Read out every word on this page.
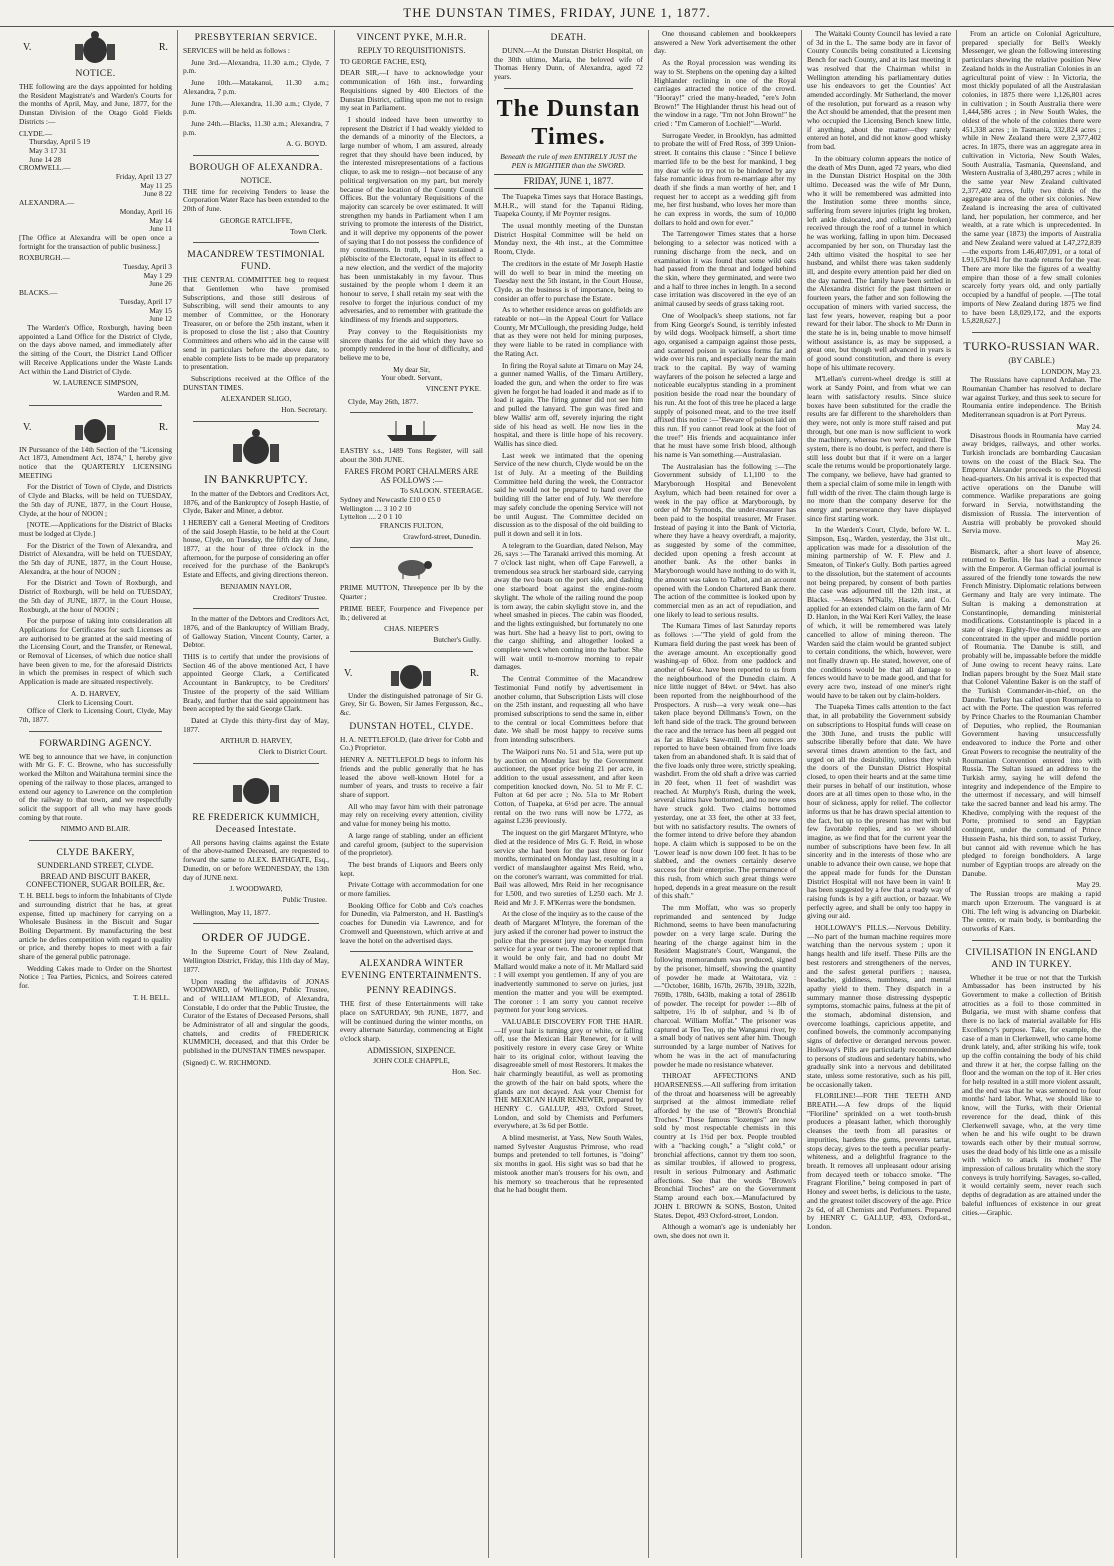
THE DUNSTAN TIMES, FRIDAY, JUNE 1, 1877.
V.	R.
NOTICE.

THE following are the days appointed for holding the Resident Magistrate's and Warden's Courts for the months of April, May, and June, 1877, for the Dunstan Division of the Otago Gold Fields Districts :—

CLYDE.—
Thursday, April 5 19
May 3 17 31
June 14 28
CROMWELL.—
Friday, April 13 27
May 11 25
June 8 22
ALEXANDRA.—
Monday, April 16
May 14
June 11

[The Office at Alexandra will be open once a fortnight for the transaction of public business.]

ROXBURGH.—
Tuesday, April 3
May 1 29
June 26
BLACKS.—
Tuesday, April 17
May 15
June 12

The Warden's Office, Roxburgh, having been appointed a Land Office for the District of Clyde, on the days above named, and immediately after the sitting of the Court, the District Land Officer will Receive Applications under the Waste Lands Act within the Land District of Clyde.

W. LAURENCE SIMPSON,
Warden and R.M.
V.	R.

IN Pursuance of the 14th Section of the "Licensing Act 1873, Amendment Act, 1874," I, hereby give notice that the QUARTERLY LICENSING MEETING

For the District of Town of Clyde, and Districts of Clyde and Blacks, will be held on TUESDAY, the 5th day of JUNE, 1877, in the Court House, Clyde, at the hour of NOON ;

[NOTE.—Applications for the District of Blacks must be lodged at Clyde.]

For the District of the Town of Alexandra, and District of Alexandra, will be held on TUESDAY, the 5th day of JUNE, 1877, in the Court House, Alexandra, at the hour of NOON ;

For the District and Town of Roxburgh, and District of Roxburgh, will be held on TUESDAY, the 5th day of JUNE, 1877, in the Court House, Roxburgh, at the hour of NOON ;

For the purpose of taking into consideration all Applications for Certificates for such Licenses as are authorised to be granted at the said meeting of the Licensing Court, and the Transfer, or Renewal, or Removal of Licenses, of which due notice shall have been given to me, for the aforesaid Districts in which the premises in respect of which such Application is made are situated respectively.

A. D. HARVEY,
Clerk to Licensing Court.

Office of Clerk to Licensing Court, Clyde, May 7th, 1877.

FORWARDING AGENCY.

WE beg to announce that we have, in conjunction with Mr G. F. C. Browne, who has successfully worked the Milton and Waitahuna termini since the opening of the railway to those places, arranged to extend our agency to Lawrence on the completion of the railway to that town, and we respectfully solicit the support of all who may have goods coming by that route.

NIMMO AND BLAIR.
CLYDE BAKERY,
SUNDERLAND STREET, CLYDE.
BREAD AND BISCUIT BAKER, CONFECTIONER, SUGAR BOILER, &c.

T. H. BELL begs to inform the Inhabitants of Clyde and surrounding district that he has, at great expense, fitted up machinery for carrying on a Wholesale Business in the Biscuit and Sugar Boiling Department. By manufacturing the best article he defies competition with regard to quality or price, and thereby hopes to meet with a fair share of the general public patronage.

Wedding Cakes made to Order on the Shortest Notice ; Tea Parties, Picnics, and Soirees catered for.

T. H. BELL.
PRESBYTERIAN SERVICE.

SERVICES will be held as follows :

June 3rd.—Alexandra, 11.30 a.m.; Clyde, 7 p.m.

June 10th.—Matakanui, 11.30 a.m.; Alexandra, 7 p.m.

June 17th.—Alexandra, 11.30 a.m.; Clyde, 7 p.m.

June 24th.—Blacks, 11.30 a.m.; Alexandra, 7 p.m.

A. G. BOYD.
BOROUGH OF ALEXANDRA.
NOTICE.

THE time for receiving Tenders to lease the Corporation Water Race has been extended to the 20th of June.

GEORGE RATCLIFFE,
Town Clerk.
MACANDREW TESTIMONIAL FUND.

THE CENTRAL COMMITTEE beg to request that Gentlemen who have promised Subscriptions, and those still desirous of Subscribing, will send their amounts to any member of Committee, or the Honorary Treasurer, on or before the 25th instant, when it is proposed to close the list ; also that Country Committees and others who aid in the cause will send in particulars before the above date, to enable complete lists to be made up preparatory to presentation.

Subscriptions received at the Office of the DUNSTAN TIMES.

ALEXANDER SLIGO,
Hon. Secretary.
IN BANKRUPTCY.

In the matter of the Debtors and Creditors Act, 1876, and of the Bankruptcy of Joseph Hastie, of Clyde, Baker and Miner, a debtor.

I HEREBY call a General Meeting of Creditors of the said Joseph Hastie, to be held at the Court house, Clyde, on Tuesday, the fifth day of June, 1877, at the hour of three o'clock in the afternoon, for the purpose of considering an offer received for the purchase of the Bankrupt's Estate and Effects, and giving directions thereon.

BENJAMIN NAYLOR,
Creditors' Trustee.

In the matter of the Debtors and Creditors Act, 1876, and of the Bankruptcy of William Brady, of Galloway Station, Vincent County, Carter, a Debtor.

THIS is to certify that under the provisions of Section 46 of the above mentioned Act, I have appointed George Clark, a Certificated Accountant in Bankruptcy, to be Creditors' Trustee of the property of the said William Brady, and further that the said appointment has been accepted by the said George Clark.

Dated at Clyde this thirty-first day of May, 1877.

ARTHUR D. HARVEY,
Clerk to District Court.
RE FREDERICK KUMMICH, Deceased Intestate.

All persons having claims against the Estate of the above-named Deceased, are requested to forward the same to ALEX. BATHGATE, Esq., Dunedin, on or before WEDNESDAY, the 13th day of JUNE next.

J. WOODWARD,
Public Trustee.

Wellington, May 11, 1877.

ORDER OF JUDGE.

In the Supreme Court of New Zealand, Wellington District, Friday, this 11th day of May, 1877.

Upon reading the affidavits of JONAS WOODWARD, of Wellington, Public Trustee, and of WILLIAM M'LEOD, of Alexandra, Constable, I do order that the Public Trustee, the Curator of the Estates of Deceased Persons, shall be Administrator of all and singular the goods, chattels, and credits of FREDERICK KUMMICH, deceased, and that this Order be published in the DUNSTAN TIMES newspaper.

(Signed) C. W. RICHMOND.
VINCENT PYKE, M.H.R.
REPLY TO REQUISITIONISTS.

TO GEORGE FACHE, ESQ,

DEAR SIR,—I have to acknowledge your communication of 16th inst., forwarding Requisitions signed by 400 Electors of the Dunstan District, calling upon me not to resign my seat in Parliament.

I should indeed have been unworthy to represent the District if I had weakly yielded to the demands of a minority of the Electors, a large number of whom, I am assured, already regret that they should have been induced, by the interested misrepresentations of a factious clique, to ask me to resign—not because of any political tergiversation on my part, but merely because of the location of the County Council Offices. But the voluntary Requisitions of the majority can scarcely be over estimated. It will strengthen my hands in Parliament when I am striving to promote the interests of the District, and it will deprive my opponents of the power of saying that I do not possess the confidence of my constituents. In truth, I have sustained a plébiscite of the Electorate, equal in its effect to a new election, and the verdict of the majority has been unmistakably in my favour. Thus sustained by the people whom I deem it an honour to serve, I shall retain my seat with the resolve to forget the injurious conduct of my adversaries, and to remember with gratitude the kindliness of my friends and supporters.

Pray convey to the Requisitionists my sincere thanks for the aid which they have so promptly rendered in the hour of difficulty, and believe me to be,

My dear Sir,
Your obedt. Servant,
VINCENT PYKE.

Clyde, May 26th, 1877.

EASTBY s.s., 1489 Tons Register, will sail about the 30th JUNE.

FARES FROM PORT CHALMERS ARE AS FOLLOWS :—
To SALOON. STEERAGE.
Sydney and Newcastle £10 0 £5 0
Wellington .... 3 10 2 10
Lyttelton .... 2 0 1 10
FRANCIS FULTON,
Crawford-street, Dunedin.

PRIME MUTTON, Threepence per lb by the Quarter ;

PRIME BEEF, Fourpence and Fivepence per lb.; delivered at

CHAS. NIEPER'S
Butcher's Gully.
V.	R.

Under the distinguished patronage of Sir G. Grey, Sir G. Bowen, Sir James Fergusson, &c., &c.

DUNSTAN HOTEL, CLYDE.

H. A. NETTLEFOLD, (late driver for Cobb and Co.) Proprietor.

HENRY A. NETTLEFOLD begs to inform his friends and the public generally that he has leased the above well-known Hotel for a number of years, and trusts to receive a fair share of support.

All who may favor him with their patronage may rely on receiving every attention, civility and value for money being his motto.

A large range of stabling, under an efficient and careful groom, (subject to the supervision of the proprietor).

The best brands of Liquors and Beers only kept.

Private Cottage with accommodation for one or more families.

Booking Office for Cobb and Co's coaches for Dunedin, via Palmerston, and H. Bastling's coaches for Dunedin via Lawrence, and for Cromwell and Queenstown, which arrive at and leave the hotel on the advertised days.

ALEXANDRA WINTER EVENING ENTERTAINMENTS.
PENNY READINGS.

THE first of these Entertainments will take place on SATURDAY, 9th JUNE, 1877, and will be continued during the winter months, on every alternate Saturday, commencing at Eight o'clock sharp.

ADMISSION, SIXPENCE.
JOHN COLE CHAPPLE,
Hon. Sec.
DEATH.

DUNN.—At the Dunstan District Hospital, on the 30th ultimo, Maria, the beloved wife of Thomas Henry Dunn, of Alexandra, aged 72 years.

The Dunstan Times.
Beneath the rule of men ENTIRELY JUST the PEN is MIGHTIER than the SWORD.
FRIDAY, JUNE 1, 1877.

The Tuapeka Times says that Horace Bastings, M.H.R., will stand for the Tapanui Riding, Tuapeka County, if Mr Poynter resigns.

The usual monthly meeting of the Dunstan District Hospital Committee will be held on Monday next, the 4th inst., at the Committee Room, Clyde.

The creditors in the estate of Mr Joseph Hastie will do well to bear in mind the meeting on Tuesday next the 5th instant, in the Court House, Clyde, as the business is of importance, being to consider an offer to purchase the Estate.

As to whether residence areas on goldfields are rateable or not—in the Appeal Court for Vallace County, Mr M'Cullough, the presiding Judge, held that as they were not held for mining purposes, they were liable to be rated in compliance with the Rating Act.

In firing the Royal salute at Timaru on May 24, a gunner named Wallis, of the Timaru Artillery, loaded the gun, and when the order to fire was given he forgot he had loaded it and made as if to load it again. The firing gunner did not see him and pulled the lanyard. The gun was fired and blew Wallis' arm off, severely injuring the right side of his head as well. He now lies in the hospital, and there is little hope of his recovery. Wallis has since died.

Last week we intimated that the opening Service of the new church, Clyde would be on the 1st of July. At a meeting of the Building Committee held during the week, the Contractor said he would not be prepared to hand over the building till the latter end of July. We therefore may safely conclude the opening Service will not be until August. The Committee decided on discussion as to the disposal of the old building to pull it down and sell it in lots.

A telegram to the Guardian, dated Nelson, May 26, says :—The Taranaki arrived this morning. At 7 o'clock last night, when off Cape Farewell, a tremendous sea struck her starboard side, carrying away the two boats on the port side, and dashing one starboard boat against the engine-room skylight. The whole of the railing round the poop is torn away, the cabin skylight stove in, and the wheel smashed in pieces. The cabin was flooded, and the lights extinguished, but fortunately no one was hurt. She had a heavy list to port, owing to the cargo shifting, and altogether looked a complete wreck when coming into the harbor. She will wait until to-morrow morning to repair damages.

The Central Committee of the Macandrew Testimonial Fund notify by advertisement in another column, that Subscription Lists will close on the 25th instant, and requesting all who have promised subscriptions to send the same in, either to the central or local Committees before that date. We shall be most happy to receive sums from intending subscribers.

The Waipori runs No. 51 and 51a, were put up by auction on Monday last by the Government auctioneer, the upset price being 21 per acre, in addition to the usual assessment, and after keen competition knocked down, No. 51 to Mr F. C. Fulton at 6d per acre ; No. 51a to Mr Robert Cotton, of Tuapeka, at 6½d per acre. The annual rental on the two runs will now be L772, as against L236 previously.

The inquest on the girl Margaret M'Intyre, who died at the residence of Mrs G. F. Reid, in whose service she had been for the past three or four months, terminated on Monday last, resulting in a verdict of manslaughter against Mrs Reid, who, on the coroner's warrant, was committed for trial. Bail was allowed, Mrs Reid in her recognisance for L500, and two sureties of L250 each. Mr J. Reid and Mr J. F. M'Kerras were the bondsmen.

At the close of the inquiry as to the cause of the death of Margaret M'Intyre, the foreman of the jury asked if the coroner had power to instruct the police that the present jury may be exempt from service for a year or two. The coroner replied that it would be only fair, and had no doubt Mr Mallard would make a note of it. Mr Mallard said : I will exempt you gentlemen. If any of you are inadvertently summoned to serve on juries, just mention the matter and you will be exempted. The coroner : I am sorry you cannot receive payment for your long services.

VALUABLE DISCOVERY FOR THE HAIR.—If your hair is turning grey or white, or falling off, use the Mexican Hair Renewer, for it will positively restore in every case Grey or White hair to its original color, without leaving the disagreeable smell of most Restorers. It makes the hair charmingly beautiful, as well as promoting the growth of the hair on bald spots, where the glands are not decayed. Ask your Chemist for THE MEXICAN HAIR RENEWER, prepared by HENRY C. GALLUP, 493, Oxford Street, London, and sold by Chemists and Perfumers everywhere, at 3s 6d per Bottle.

A blind mesmerist, at Yass, New South Wales, named Sylvester Augustus Primrose, who read bumps and pretended to tell fortunes, is "doing" six months in gaol. His sight was so bad that he mistook another man's trousers for his own, and his memory so treacherous that he represented that he had bought them.

One thousand cablemen and bookkeepers answered a New York advertisement the other day.

As the Royal procession was wending its way to St. Stephens on the opening day a kilted Highlander reclining in one of the Royal carriages attracted the notice of the crowd. "Hooray!" cried the many-headed, "ere's John Brown!" The Highlander thrust his head out of the window in a rage. "I'm not John Brown!" he cried : "I'm Cameron of Lochiel!"—World.

Surrogate Veeder, in Brooklyn, has admitted to probate the will of Fred Ross, of 399 Union-street. It contains this clause : "Since I believe married life to be the best for mankind, I beg my dear wife to try not to be hindered by any false romantic ideas from re-marriage after my death if she finds a man worthy of her, and I request her to accept as a wedding gift from me, her first husband, who loves her more than he can express in words, the sum of 10,000 dollars to hold and own for ever."

The Tarrengower Times states that a horse belonging to a selector was noticed with a running discharge from the neck, and on examination it was found that some wild oats had passed from the throat and lodged behind the skin, where they germinated, and were two and a half to three inches in length. In a second case irritation was discovered in the eye of an animal caused by seeds of grass taking root.

One of Woolpack's sheep stations, not far from King George's Sound, is terribly infested by wild dogs. Woolpack himself, a short time ago, organised a campaign against those pests, and scattered poison in various forms far and wide over his run, and especially near the main track to the capital. By way of warning wayfarers of the poison he selected a large and noticeable eucalyptus standing in a prominent position beside the road near the boundary of his run. At the foot of this tree he placed a large supply of poisoned meat, and to the tree itself affixed this notice :—"Beware of poison laid on this run. If you cannot read look at the foot of the tree!" His friends and acquaintance infer that he must have some Irish blood, although his name is Van something.—Australasian.

The Australasian has the following :—The Government subsidy of L1,100 to the Maryborough Hospital and Benevolent Asylum, which had been retained for over a week in the pay office at Maryborough, by order of Mr Symonds, the under-treasurer has been paid to the hospital treasurer, Mr Fraser. Instead of paying it into the Bank of Victoria, where they have a heavy overdraft, a majority, as suggested by some of the committee, decided upon opening a fresh account at another bank. As the other banks in Maryborough would have nothing to do with it, the amount was taken to Talbot, and an account opened with the London Chartered Bank there. The action of the committee is looked upon by commercial men as an act of repudiation, and one likely to lead to serious results.

The Kumara Times of last Saturday reports as follows :—"The yield of gold from the Kumara field during the past week has been of the average amount. An exceptionally good washing-up of 60oz. from one paddock and another of 64oz. have been reported to us from the neighbourhood of the Dunedin claim. A nice little nugget of 84wt. or 94wt. has also been reported from the neighbourhood of the Prospectors. A rush—a very weak one—has taken place beyond Dillmans's Town, on the left hand side of the track. The ground between the race and the terrace has been all pegged out as far as Blake's Saw-mill. Two ounces are reported to have been obtained from five loads taken from an abandoned shaft. It is said that of the five loads only three were, strictly speaking, washdirt. From the old shaft a drive was carried in 20 feet, when 11 feet of washdirt was reached. At Murphy's Rush, during the week, several claims have bottomed, and no new ones have struck gold. Two claims bottomed yesterday, one at 33 feet, the other at 33 feet, but with no satisfactory results. The owners of the former intend to drive before they abandon hope. A claim which is supposed to be on the 'Lower lead' is now down 100 feet. It has to be slabbed, and the owners certainly deserve success for their enterprise. The permanence of this rush, from which such great things were hoped, depends in a great measure on the result of this shaft."

The mm Moffatt, who was so properly reprimanded and sentenced by Judge Richmond, seems to have been manufacturing powder on a very large scale. During the hearing of the charge against him in the Resident Magistrate's Court, Wanganui, the following memorandum was produced, signed by the prisoner, himself, showing the quantity of powder he made at Waitotara, viz :—"October, 168lb, 167lb, 267lb, 391lb, 322lb, 769lb, 178lb, 643lb, making a total of 2861lb of powder. The receipt for powder :—8lb of saltpetre, 1½ lb of sulphur, and ¼ lb of charcoal. William Moffat." The prisoner was captured at Teo Teo, up the Wanganui river, by a small body of natives sent after him. Though surrounded by a large number of Natives for whom he was in the act of manufacturing powder he made no resistance whatever.

THROAT AFFECTIONS AND HOARSENESS.—All suffering from irritation of the throat and hoarseness will be agreeably surprised at the almost immediate relief afforded by the use of "Brown's Bronchial Troches." These famous "lozenges" are now sold by most respectable chemists in this country at 1s 1½d per box. People troubled with a "hacking cough," a "slight cold," or bronchial affections, cannot try them too soon, as similar troubles, if allowed to progress, result in serious Pulmonary and Asthmatic affections. See that the words "Brown's Bronchial Troches" are on the Government Stamp around each box.—Manufactured by JOHN I. BROWN & SONS, Boston, United States. Depot, 493 Oxford-street, London.

Although a woman's age is undeniably her own, she does not own it.

The Waitaki County Council has levied a rate of 3d in the L. The same body are in favor of County Councils being constituted a Licensing Bench for each County, and at its last meeting it was resolved that the Chairman whilst in Wellington attending his parliamentary duties use his endeavors to get the Counties' Act amended accordingly. Mr Sutherland, the mover of the resolution, put forward as a reason why the Act should be amended, that the present men who occupied the Licensing Bench knew little, if anything, about the matter—they rarely entered an hotel, and did not know good whisky from bad.

In the obituary column appears the notice of the death of Mrs Dunn, aged 72 years, who died in the Dunstan District Hospital on the 30th ultimo. Deceased was the wife of Mr Dunn, who it will be remembered was admitted into the Institution some three months since, suffering from severe injuries (right leg broken, left ankle dislocated, and collar-bone broken) received through the roof of a tunnel in which he was working, falling in upon him. Deceased accompanied by her son, on Thursday last the 24th ultimo visited the hospital to see her husband, and whilst there was taken suddenly ill, and despite every attention paid her died on the day named. The family have been settled in the Alexandra district for the past thirteen or fourteen years, the father and son following the occupation of miners with varied success, the last few years, however, reaping but a poor reward for their labor. The shock to Mr Dunn in the state he is in, being unable to move himself without assistance is, as may be supposed, a great one, but though well advanced in years is of good sound constitution, and there is every hope of his ultimate recovery.

M'Lellan's current-wheel dredge is still at work at Sandy Point, and from what we can learn with satisfactory results. Since sluice boxes have been substituted for the cradle the results are far different to the shareholders than they were, not only is more stuff raised and put through, but one man is now sufficient to work the machinery, whereas two were required. The system, there is no doubt, is perfect, and there is still less doubt but that if it were on a larger scale the returns would be proportionately large. The company, we believe, have had granted to them a special claim of some mile in length with full width of the river. The claim though large is no more than the company deserve for the energy and perseverance they have displayed since first starting work.

In the Warden's Court, Clyde, before W. L. Simpson, Esq., Warden, yesterday, the 31st ult., application was made for a dissolution of the mining partnership of W. F. Plew and J. Smeaton, of Tinker's Gully. Both parties agreed to the dissolution, but the statement of accounts not being prepared, by consent of both parties the case was adjourned till the 12th inst., at Blacks. —Messrs M'Nally, Hastie, and Co. applied for an extended claim on the farm of Mr D. Hanlon, in the Wai Keri Keri Valley, the lease of which, it will be remembered was lately cancelled to allow of mining thereon. The Warden said the claim would be granted subject to certain conditions, the which, however, were not finally drawn up. He stated, however, one of the conditions would be that all damage to fences would have to be made good, and that for every acre two, instead of one miner's right would have to be taken out by claim-holders.

The Tuapeka Times calls attention to the fact that, in all probability the Government subsidy on subscriptions to Hospital funds will cease on the 30th June, and trusts the public will subscribe liberally before that date. We have several times drawn attention to the fact, and urged on all the desirability, unless they wish the doors of the Dunstan District Hospital closed, to open their hearts and at the same time their purses in behalf of our institution, whose doors are at all times open to those who, in the hour of sickness, apply for relief. The collector informs us that he has drawn special attention to the fact, but up to the present has met with but few favorable replies, and so we should imagine, as we find that for the current year the number of subscriptions have been few. In all sincerity and in the interests of those who are unable to advance their own cause, we hope that the appeal made for funds for the Dunstan District Hospital will not have been in vain! It has been suggested by a few that a ready way of raising funds is by a gift auction, or bazaar. We perfectly agree, and shall be only too happy in giving our aid.

HOLLOWAY'S PILLS.—Nervous Debility. —No part of the human machine requires more watching than the nervous system ; upon it hangs health and life itself. These Pills are the best restorers and strengtheners of the nerves, and the safest general purifiers ; nausea, headache, giddiness, numbness, and mental apathy yield to them. They dispatch in a summary manner those distressing dyspeptic symptoms, stomachic pains, fulness at the pit of the stomach, abdominal distension, and overcome loathings, capricious appetite, and confined bowels, the commonly accompanying signs of defective or deranged nervous power. Holloway's Pills are particularly recommended to persons of studious and sedentary habits, who gradually sink into a nervous and debilitated state, unless some restorative, such as his pill, be occasionally taken.

FLORILINE!—FOR THE TEETH AND BREATH.—A few drops of the liquid "Floriline" sprinkled on a wet tooth-brush produces a pleasant lather, which thoroughly cleanses the teeth from all parasites or impurities, hardens the gums, prevents tartar, stops decay, gives to the teeth a peculiar pearly-whiteness, and a delightful fragrance to the breath. It removes all unpleasant odour arising from decayed teeth or tobacco smoke. "The Fragrant Floriline," being composed in part of Honey and sweet herbs, is delicious to the taste, and the greatest toilet discovery of the age. Price 2s 6d, of all Chemists and Perfumers. Prepared by HENRY C. GALLUP, 493, Oxford-st., London.

From an article on Colonial Agriculture, prepared specially for Bell's Weekly Messenger, we glean the following interesting particulars shewing the relative position New Zealand holds in the Australian Colonies in an agricultural point of view : In Victoria, the most thickly populated of all the Australasian colonies, in 1875 there were 1,126,801 acres in cultivation ; in South Australia there were 1,444,586 acres ; in New South Wales, the oldest of the whole of the colonies there were 451,338 acres ; in Tasmania, 332,824 acres ; while in New Zealand there were 2,377,402 acres. In 1875, there was an aggregate area in cultivation in Victoria, New South Wales, South Australia, Tasmania, Queensland, and Western Australia of 3,480,297 acres ; while in the same year New Zealand cultivated 2,377,402 acres, fully two thirds of the aggregate area of the other six colonies. New Zealand is increasing the area of cultivated land, her population, her commerce, and her wealth, at a rate which is unprecedented. In the same year (1873) the imports of Australia and New Zealand were valued at L47,272,839 —the exports from L46,407,091, or a total of L91,679,841 for the trade returns for the year. There are more like the figures of a wealthy empire than those of a few small colonies scarcely forty years old, and only partially occupied by a handful of people. —[The total imports of New Zealand during 1875 we find to have been L8,029,172, and the exports L5,828,627.]

TURKO-RUSSIAN WAR.
(BY CABLE.)
LONDON, May 23.

The Russians have captured Ardahan. The Roumanian Chamber has resolved to declare war against Turkey, and thus seek to secure for Roumania entire independence. The British Mediterranean squadron is at Port Pyreus.

May 24.

Disastrous floods in Roumania have carried away bridges, railways, and other works. Turkish ironclads are bombarding Caucasian towns on the coast of the Black Sea. The Emperor Alexander proceeds to the Ployesti head-quarters. On his arrival it is expected that active operations on the Danube will commence. Warlike preparations are going forward in Servia, notwithstanding the dismission of Russia. The intervention of Austria will probably be provoked should Servia move.

May 26.

Bismarck, after a short leave of absence, returned to Berlin. He has had a conference with the Emperor. A German official journal is assured of the friendly tone towards the new French Ministry. Diplomatic relations between Germany and Italy are very intimate. The Sultan is making a demonstration at Constantinople, demanding ministerial modifications. Constantinople is placed in a state of siege. Eighty-five thousand troops are concentrated in the upper and middle portion of Roumania. The Danube is still, and probably will be, impassable before the middle of June owing to recent heavy rains. Late Indian papers brought by the Suez Mail state that Colonel Valentine Baker is on the staff of the Turkish Commander-in-chief, on the Danube. Turkey has called upon Roumania to act with the Porte. The question was referred by Prince Charles to the Roumanian Chamber of Deputies, who replied, the Roumanian Government having unsuccessfully endeavored to induce the Porte and other Great Powers to recognise the neutrality of the Roumanian Convention entered into with Russia. The Sultan issued an address to the Turkish army, saying he will defend the integrity and independence of the Empire to the uttermost if necessary, and will himself take the sacred banner and lead his army. The Khedive, complying with the request of the Porte, promised to send an Egyptian contingent, under the command of Prince Hussein Pasha, his third son, to assist Turkey, but cannot aid with revenue which he has pledged to foreign bondholders. A large number of Egyptian troops are already on the Danube.

May 29.

The Russian troops are making a rapid march upon Erzeroum. The vanguard is at Olti. The left wing is advancing on Diarbekir. The centre, or main body, is bombarding the outworks of Kars.

CIVILISATION IN ENGLAND AND IN TURKEY.

Whether it be true or not that the Turkish Ambassador has been instructed by his Government to make a collection of British atrocities as a foil to those committed in Bulgaria, we must with shame confess that there is no lack of material available for His Excellency's purpose. Take, for example, the case of a man in Clerkenwell, who came home drunk lately, and, after striking his wife, took up the coffin containing the body of his child and threw it at her, the corpse falling on the floor and the woman on the top of it. Her cries for help resulted in a still more violent assault, and the end was that he was sentenced to four months' hard labor. What, we should like to know, will the Turks, with their Oriental reverence for the dead, think of this Clerkenwell savage, who, at the very time when he and his wife ought to be drawn towards each other by their mutual sorrow, uses the dead body of his little one as a missile with which to attack its mother? The impression of callous brutality which the story conveys is truly horrifying. Savages, so-called, it would certainly seem, never reach such depths of degradation as are attained under the baleful influences of existence in our great cities.—Graphic.
